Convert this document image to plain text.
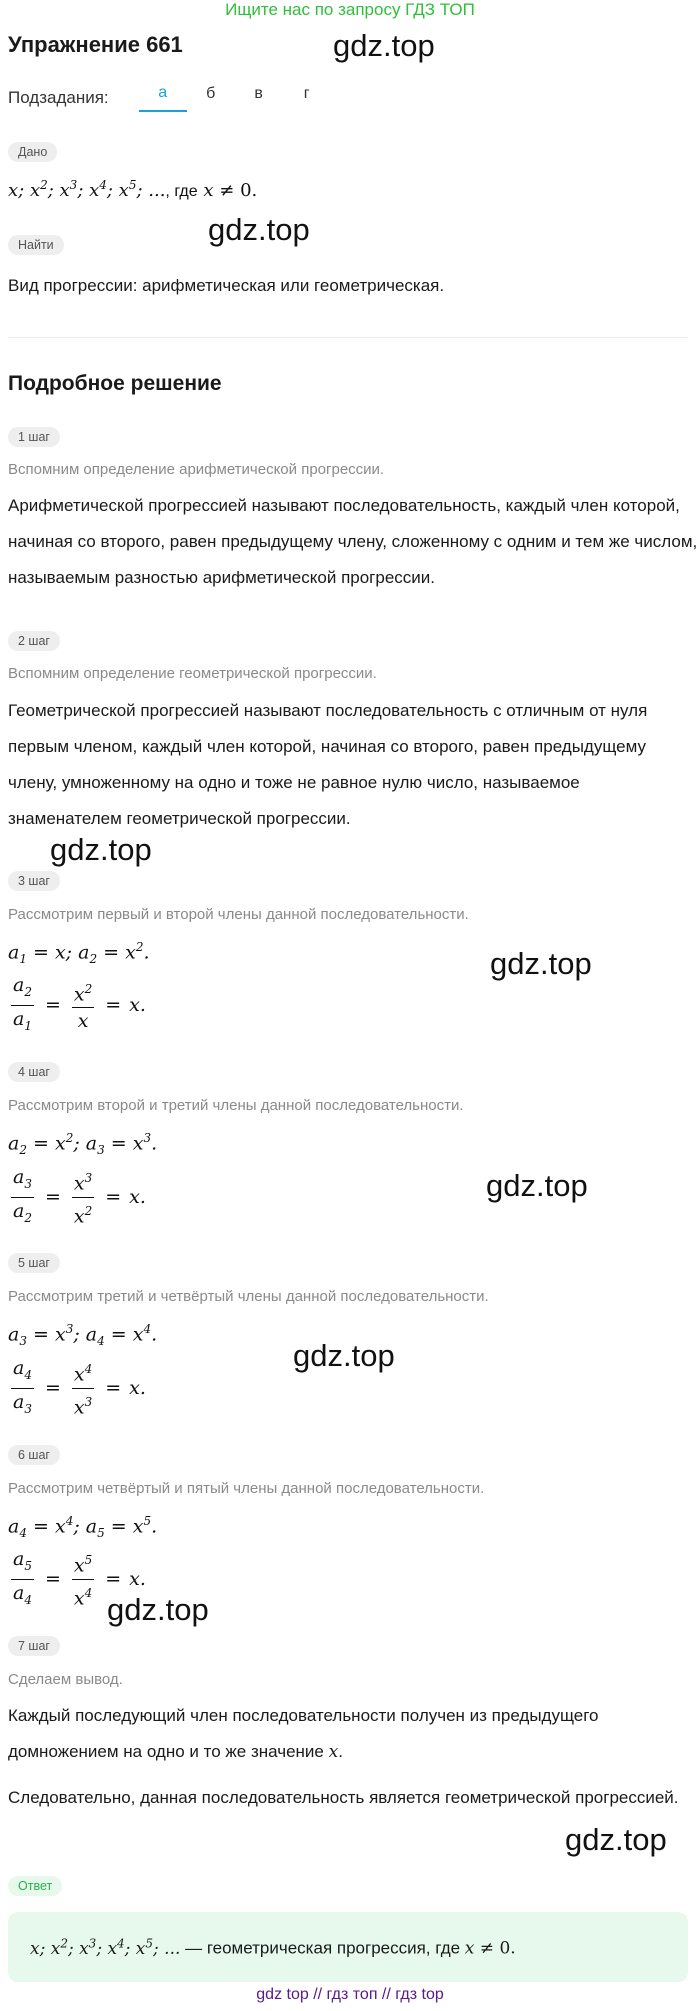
Ищите нас по запросу ГДЗ ТОП
gdz.top
gdz.top
gdz.top
gdz.top
gdz.top
gdz.top
gdz.top
gdz.top
Упражнение 661
Подзадания:	а	б	в	г
Дано
x; $x^2$; $x^3$; $x^4$; $x^5$; ..., где x ≠ 0.
Найти
Вид прогрессии: арифметическая или геометрическая.
Подробное решение
1 шаг
Вспомним определение арифметической прогрессии.
Арифметической прогрессией называют последовательность, каждый член которой, начиная со второго, равен предыдущему члену, сложенному с одним и тем же числом, называемым разностью арифметической прогрессии.
2 шаг
Вспомним определение геометрической прогрессии.
Геометрической прогрессией называют последовательность с отличным от нуля первым членом, каждый член которой, начиная со второго, равен предыдущему члену, умноженному на одно и тоже не равное нулю число, называемое знаменателем геометрической прогрессии.
3 шаг
Рассмотрим первый и второй члены данной последовательности.
$a_1 = x$; $a_2 = x^2$.
$\frac{a_2}{a_1} = \frac{x^2}{x} = x$.
4 шаг
Рассмотрим второй и третий члены данной последовательности.
$a_2 = x^2$; $a_3 = x^3$.
$\frac{a_3}{a_2} = \frac{x^3}{x^2} = x$.
5 шаг
Рассмотрим третий и четвёртый члены данной последовательности.
$a_3 = x^3$; $a_4 = x^4$.
$\frac{a_4}{a_3} = \frac{x^4}{x^3} = x$.
6 шаг
Рассмотрим четвёртый и пятый члены данной последовательности.
$a_4 = x^4$; $a_5 = x^5$.
$\frac{a_5}{a_4} = \frac{x^5}{x^4} = x$.
7 шаг
Сделаем вывод.
Каждый последующий член последовательности получен из предыдущего домножением на одно и то же значение x.
Следовательно, данная последовательность является геометрической прогрессией.
Ответ
x; $x^2$; $x^3$; $x^4$; $x^5$; ... — геометрическая прогрессия, где x ≠ 0.
gdz top // гдз топ // гдз top
